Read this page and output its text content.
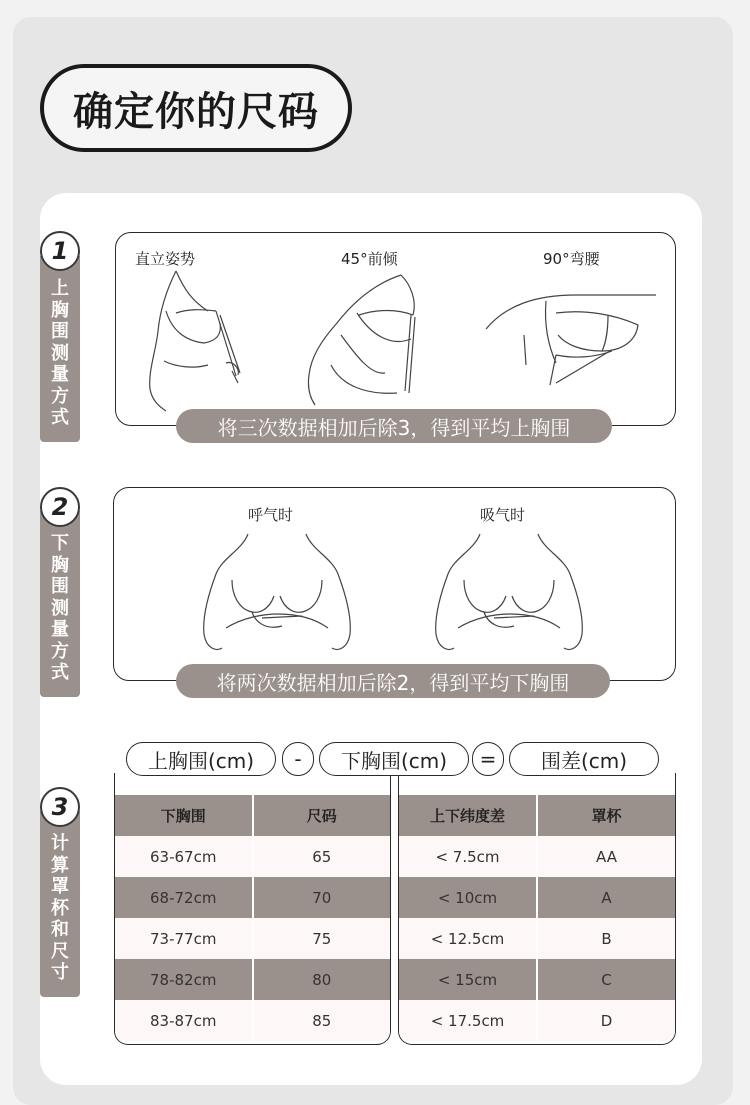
确定你的尺码
上
胸
围
测
量
方
式
1	直立姿势	45°前倾	90°弯腰
将三次数据相加后除3，得到平均上胸围
下
胸
围
测
量
方
式
2	呼气时	吸气时
将两次数据相加后除2，得到平均下胸围
计
算
罩
杯
和
尺
寸
3	下胸围	尺码
63-67cm	65
68-72cm	70
73-77cm	75
78-82cm	80
83-87cm	85
上下纬度差	罩杯
< 7.5cm	AA
< 10cm	A
< 12.5cm	B
< 15cm	C
< 17.5cm	D
上胸围(cm)	-	下胸围(cm)	=	围差(cm)
